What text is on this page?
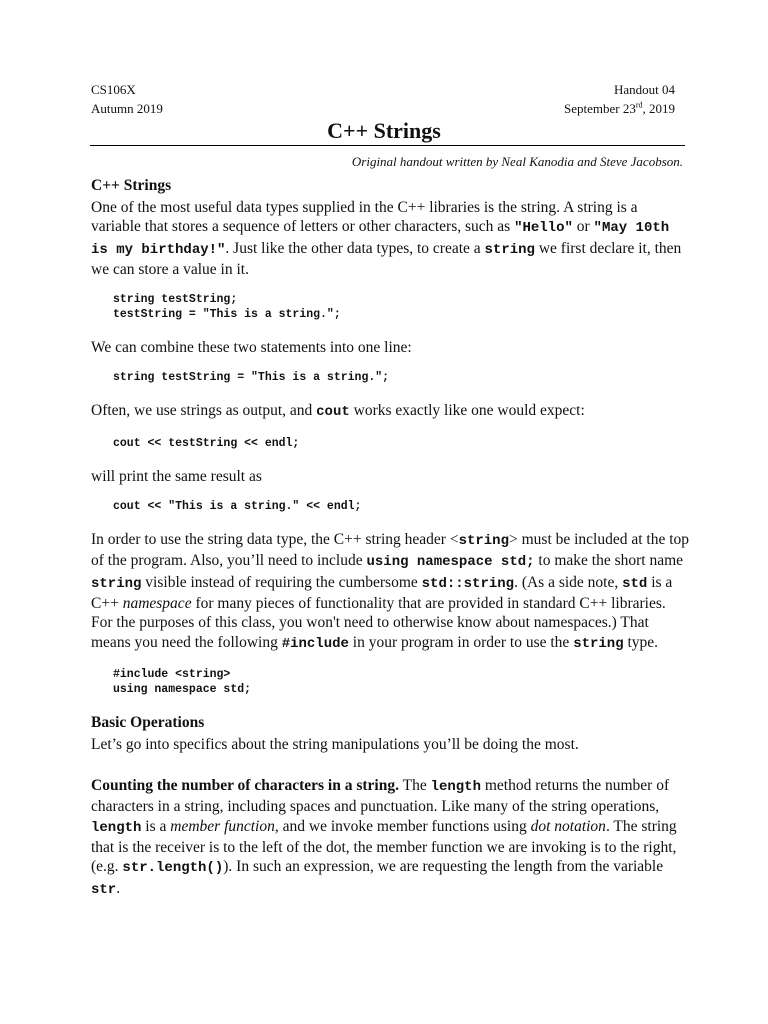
CS106X
Autumn 2019
Handout 04
September 23rd, 2019
C++ Strings
Original handout written by Neal Kanodia and Steve Jacobson.
C++ Strings

One of the most useful data types supplied in the C++ libraries is the string. A string is a variable that stores a sequence of letters or other characters, such as "Hello" or "May 10th is my birthday!". Just like the other data types, to create a string we first declare it, then we can store a value in it.

string testString;
testString = "This is a string.";

We can combine these two statements into one line:

string testString = "This is a string.";

Often, we use strings as output, and cout works exactly like one would expect:

cout << testString << endl;

will print the same result as

cout << "This is a string." << endl;

In order to use the string data type, the C++ string header <string> must be included at the top of the program. Also, you’ll need to include using namespace std; to make the short name string visible instead of requiring the cumbersome std::string. (As a side note, std is a C++ namespace for many pieces of functionality that are provided in standard C++ libraries. For the purposes of this class, you won't need to otherwise know about namespaces.) That means you need the following #include in your program in order to use the string type.

#include <string>
using namespace std;
Basic Operations

Let’s go into specifics about the string manipulations you’ll be doing the most.

Counting the number of characters in a string. The length method returns the number of characters in a string, including spaces and punctuation. Like many of the string operations, length is a member function, and we invoke member functions using dot notation. The string that is the receiver is to the left of the dot, the member function we are invoking is to the right, (e.g. str.length()). In such an expression, we are requesting the length from the variable str.
